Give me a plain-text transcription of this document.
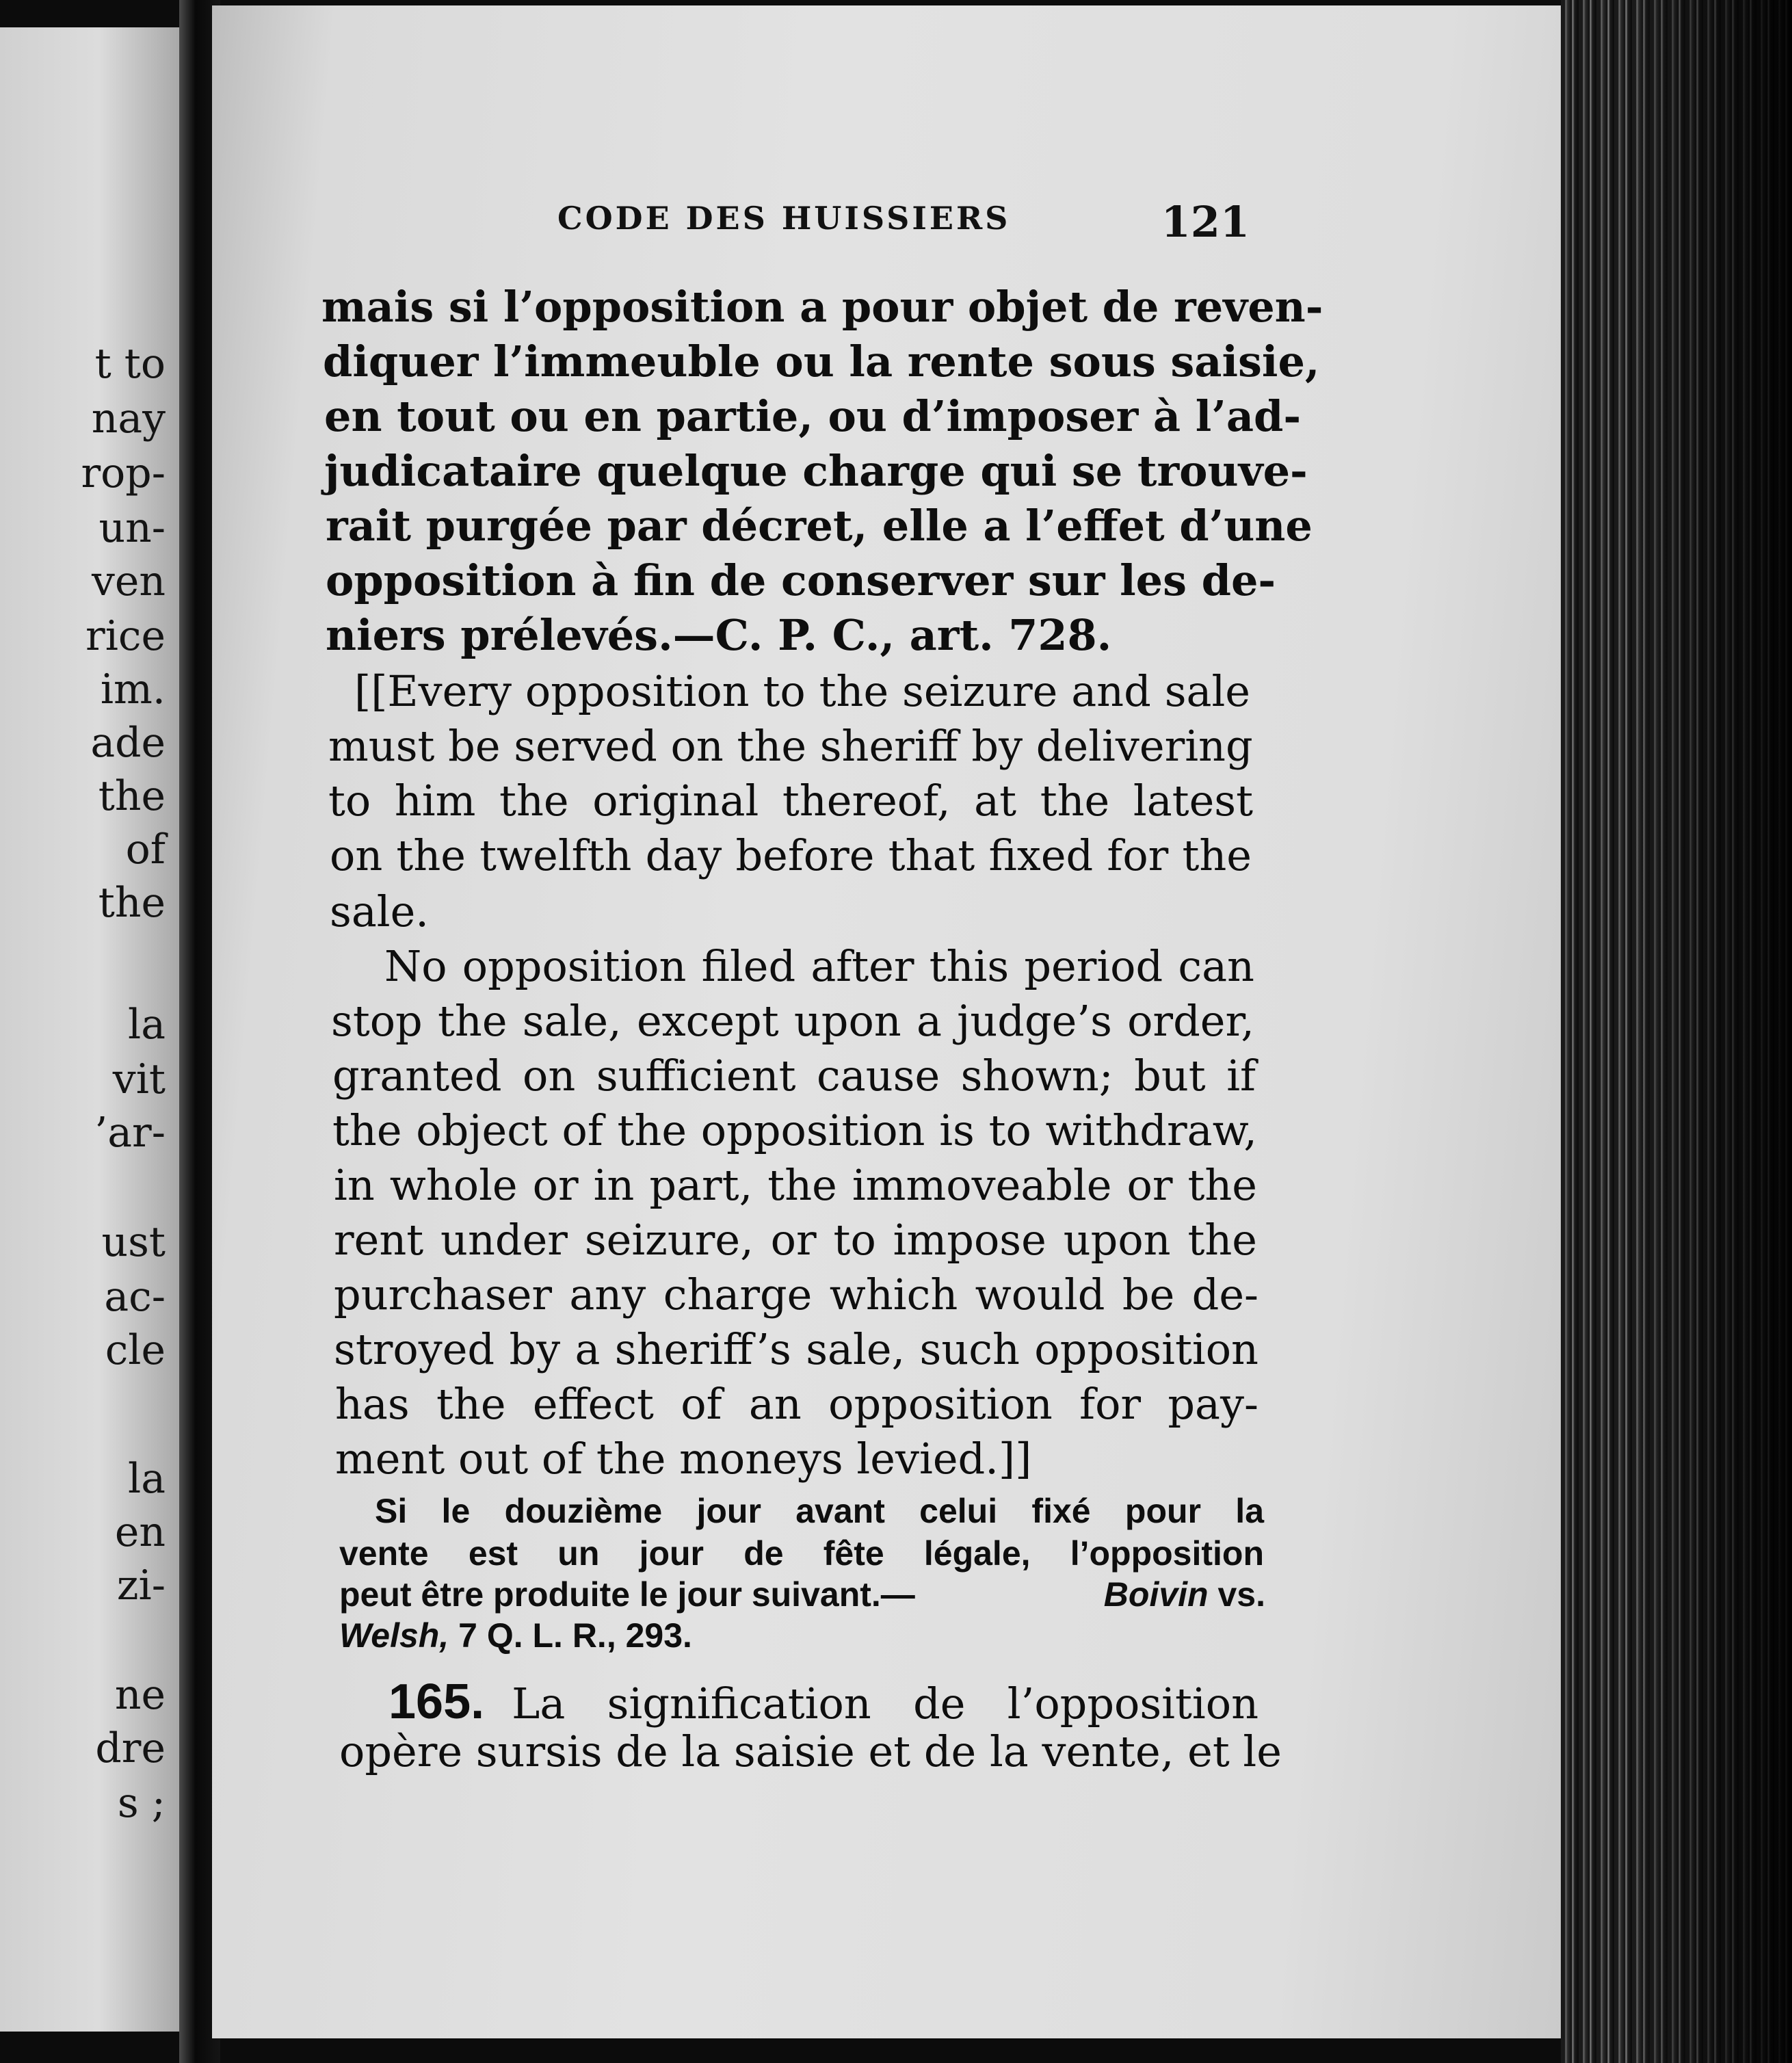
t to
nay
rop-
un-
ven
rice
im.
ade
the
of
the
la
vit
’ar-
ust
ac-
cle
la
en
zi-
ne
dre
s ;
CODE DES HUISSIERS	121
mais si l’opposition a pour objet de reven-
diquer l’immeuble ou la rente sous saisie,
en tout ou en partie, ou d’imposer à l’ad-
judicataire quelque charge qui se trouve-
rait purgée par décret, elle a l’effet d’une
opposition à fin de conserver sur les de-
niers prélevés.—C. P. C., art. 728.
[[Every opposition to the seizure and sale
must be served on the sheriff by delivering
to him the original thereof, at the latest
on the twelfth day before that fixed for the
sale.
No opposition filed after this period can
stop the sale, except upon a judge’s order,
granted on sufficient cause shown; but if
the object of the opposition is to withdraw,
in whole or in part, the immoveable or the
rent under seizure, or to impose upon the
purchaser any charge which would be de-
stroyed by a sheriff’s sale, such opposition
has the effect of an opposition for pay-
ment out of the moneys levied.]]
Si le douzième jour avant celui fixé pour la
vente est un jour de fête légale, l’opposition
peut être produite le jour suivant.—	Boivin vs.
Welsh, 7 Q. L. R., 293.
165. La signification de l’opposition
opère sursis de la saisie et de la vente, et le
